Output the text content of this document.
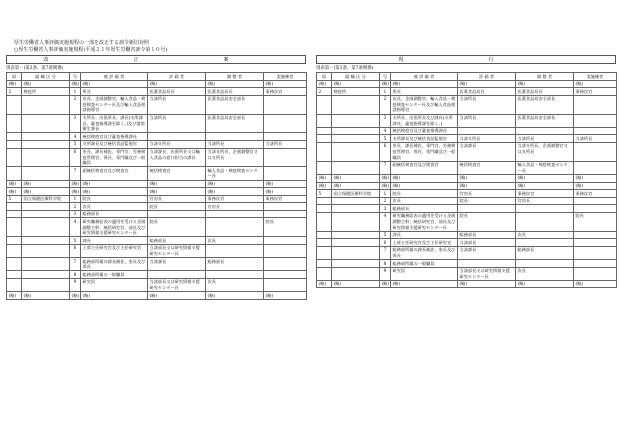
厚生労働省人事評価実施規程の一部を改正する訓令新旧対照
○厚生労働省人事評価実施規程(平成２１年厚生労働省訓令第１０号)
改　正　案
別表第一(第3条、第7条関係)
項	組 織 区 分	号	被 評 価 者	評 価 者	調 整 者	実施権者
(略)	(略)	(略)	(略)	(略)	(略)	(略)
2	検疫所	1	所長	医薬食品局長	医薬食品局長	事務次官
		2	次長、企画調整官、輸入食品・検疫検査センター長及び輸入食品相談指導官	当該所長	医薬食品局安全部長	
		3	支所長、出張所長、課長(支所課長、審査指導課を除く。)及び港湾衛生課長	当該所長	医薬食品局安全部長	
		4	統括検疫官及び審査指導課長			
		5	支所課長及び統括食品監視官	当該支所長	当該所長	当該所長
		6	室長、課長補佐、専門官、労務検疫管理官、係長、専門職及び一般職員	当該課長、出張所長又は輸入食品の窓口担当の課長	当該支所長、企画調整官又は支所長	
		7	副統括検査官及び検査官	統括検査官	輸入食品・検疫検査センター長	
(略)	(略)	(略)	(略)	(略)	(略)	(略)
(略)	(略)	(略)	(略)	(略)	(略)	(略)
5	国立保健医療科学院	1	院長	官房長	事務次官	事務次官
		2	次長	院長	官房長	
		3	総務部長			
		4	研究職務給表の適用を受ける企画調整主幹、統括研究官、部長及び研究情報支援研究センター長	院長		院長
		5	課長	総務部長	次長	
		6	上席主任研究官及び主任研究官	当該部長又は研究情報支援研究センター長		
		7	総務部所属の課長補佐、室長及び係長	当該課長	総務部長	
		8	総務部所属の一般職員			
		9	研究員	当該部長又は研究情報支援研究センター長	次長	
(略)	(略)	(略)	(略)	(略)	(略)	(略)
現　行
別表第一(第3条、第7条関係)
項	組 織 区 分	号	被 評 価 者	評 価 者	調 整 者	実施権者
(略)	(略)	(略)	(略)	(略)	(略)	(略)
2	検疫所	1	所長	医薬食品局長	医薬食品局長	事務次官
		2	次長、企画調整官、輸入食品・検疫検査センター長及び輸入食品相談指導官	当該所長	医薬食品局安全部長	
		3	支所長、出張所長及び課長(支所課長、審査指導課を除く。)	当該所長	医薬食品局安全部長	
		4	統括検疫官及び審査指導課長			
		5	支所課長及び統括食品監視官	当該支所長	当該所長	当該所長
		6	室長、課長補佐、専門官、労務検疫管理官、係長、専門職及び一般職員	当該課長	当該支所長、企画調整官又は支所長	
		7	副統括検査官及び検査官	統括検査官	輸入食品・検疫検査センター長	
(略)	(略)	(略)	(略)	(略)	(略)	(略)
(略)	(略)	(略)	(略)	(略)	(略)	(略)
5	国立保健医療科学院	1	院長	官房長	事務次官	事務次官
		2	次長	院長	官房長	
		3	総務部長			
		4	研究職務給表の適用を受ける企画調整主幹、統括研究官、部長及び研究情報支援研究センター長	院長		院長
		5	課長	総務部長	次長	
		6	上席主任研究官及び主任研究官	当該部長		
		7	総務部所属の課長補佐、室長及び係長	当該課長	総務部長	
		8	総務部所属の一般職員			
		9	研究員	当該部長又は研究情報支援研究センター長	次長	
(略)	(略)	(略)	(略)	(略)	(略)	(略)
